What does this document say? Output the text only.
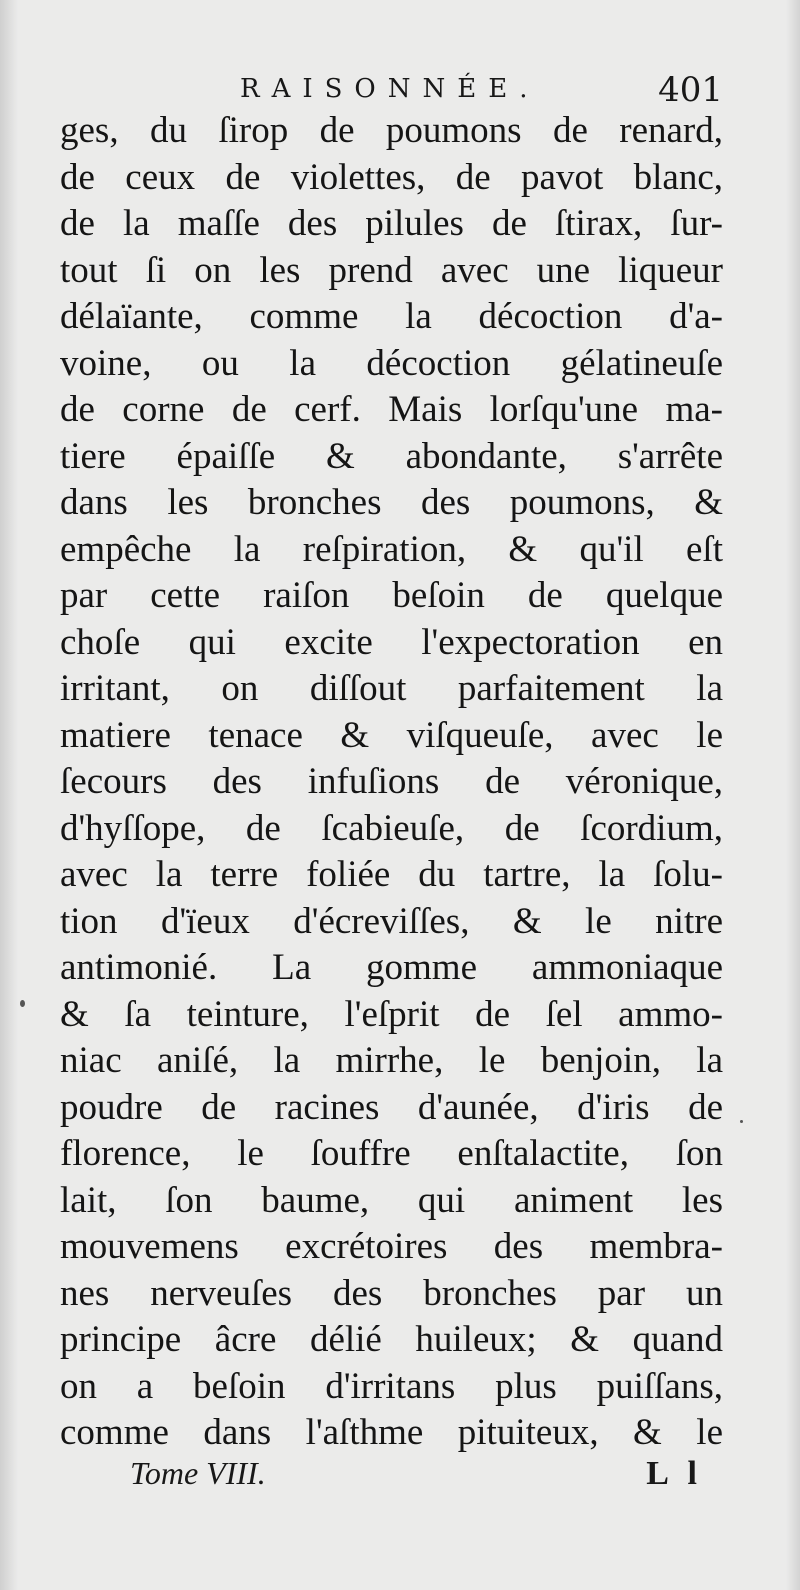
RAISONNÉE.	401
ges, du ſirop de poumons de renard,
de ceux de violettes, de pavot blanc,
de la maſſe des pilules de ſtirax, ſur-
tout ſi on les prend avec une liqueur
délaïante, comme la décoction d'a-
voine, ou la décoction gélatineuſe
de corne de cerf. Mais lorſqu'une ma-
tiere épaiſſe & abondante, s'arrête
dans les bronches des poumons, &
empêche la reſpiration, & qu'il eſt
par cette raiſon beſoin de quelque
choſe qui excite l'expectoration en
irritant, on diſſout parfaitement la
matiere tenace & viſqueuſe, avec le
ſecours des infuſions de véronique,
d'hyſſope, de ſcabieuſe, de ſcordium,
avec la terre foliée du tartre, la ſolu-
tion d'ïeux d'écreviſſes, & le nitre
antimonié. La gomme ammoniaque
& ſa teinture, l'eſprit de ſel ammo-
niac aniſé, la mirrhe, le benjoin, la
poudre de racines d'aunée, d'iris de
florence, le ſouffre enſtalactite, ſon
lait, ſon baume, qui animent les
mouvemens excrétoires des membra-
nes nerveuſes des bronches par un
principe âcre délié huileux; & quand
on a beſoin d'irritans plus puiſſans,
comme dans l'aſthme pituiteux, & le
Tome VIII.	L l
